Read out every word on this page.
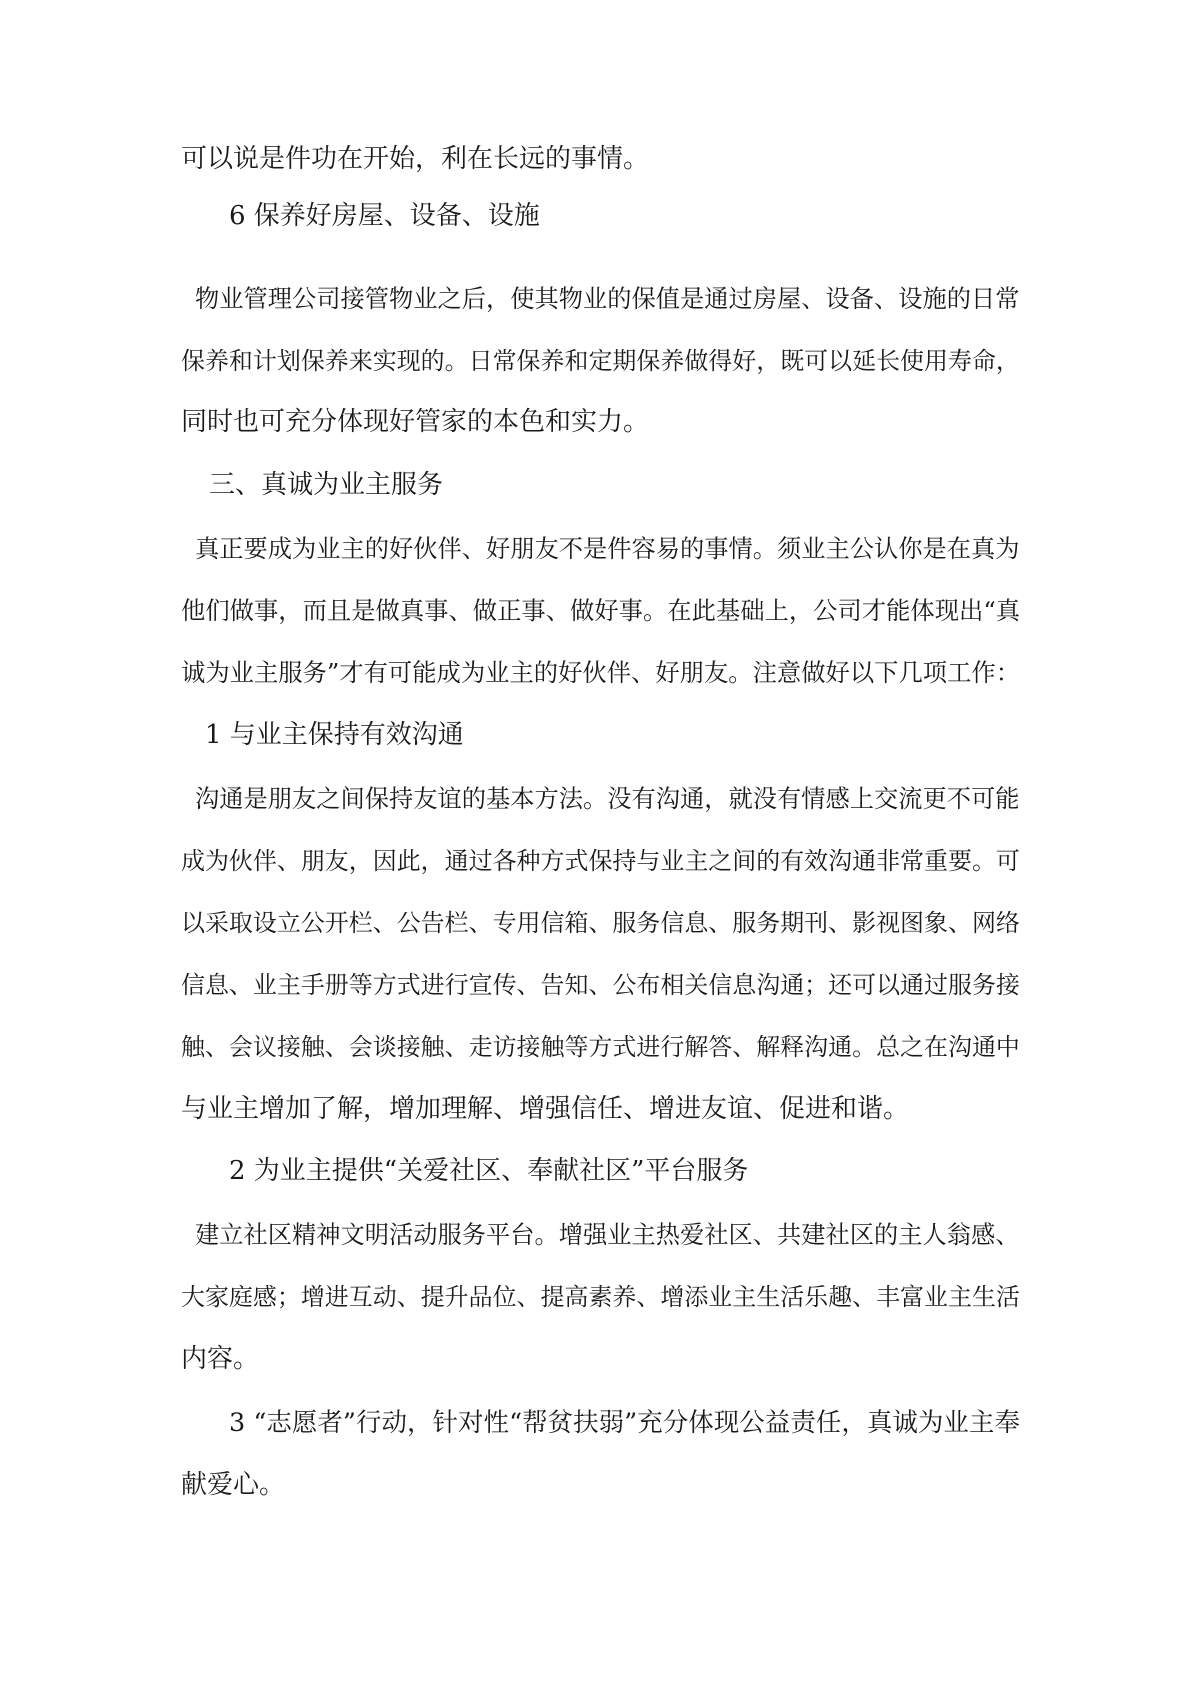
可以说是件功在开始，利在长远的事情。
6 保养好房屋、设备、设施
物业管理公司接管物业之后，使其物业的保值是通过房屋、设备、设施的日常
保养和计划保养来实现的。日常保养和定期保养做得好，既可以延长使用寿命，
同时也可充分体现好管家的本色和实力。
三、真诚为业主服务
真正要成为业主的好伙伴、好朋友不是件容易的事情。须业主公认你是在真为
他们做事，而且是做真事、做正事、做好事。在此基础上，公司才能体现出“真
诚为业主服务”才有可能成为业主的好伙伴、好朋友。注意做好以下几项工作：
1 与业主保持有效沟通
沟通是朋友之间保持友谊的基本方法。没有沟通，就没有情感上交流更不可能
成为伙伴、朋友，因此，通过各种方式保持与业主之间的有效沟通非常重要。可
以采取设立公开栏、公告栏、专用信箱、服务信息、服务期刊、影视图象、网络
信息、业主手册等方式进行宣传、告知、公布相关信息沟通；还可以通过服务接
触、会议接触、会谈接触、走访接触等方式进行解答、解释沟通。总之在沟通中
与业主增加了解，增加理解、增强信任、增进友谊、促进和谐。
2 为业主提供“关爱社区、奉献社区”平台服务
建立社区精神文明活动服务平台。增强业主热爱社区、共建社区的主人翁感、
大家庭感；增进互动、提升品位、提高素养、增添业主生活乐趣、丰富业主生活
内容。
3 “志愿者”行动，针对性“帮贫扶弱”充分体现公益责任，真诚为业主奉
献爱心。
